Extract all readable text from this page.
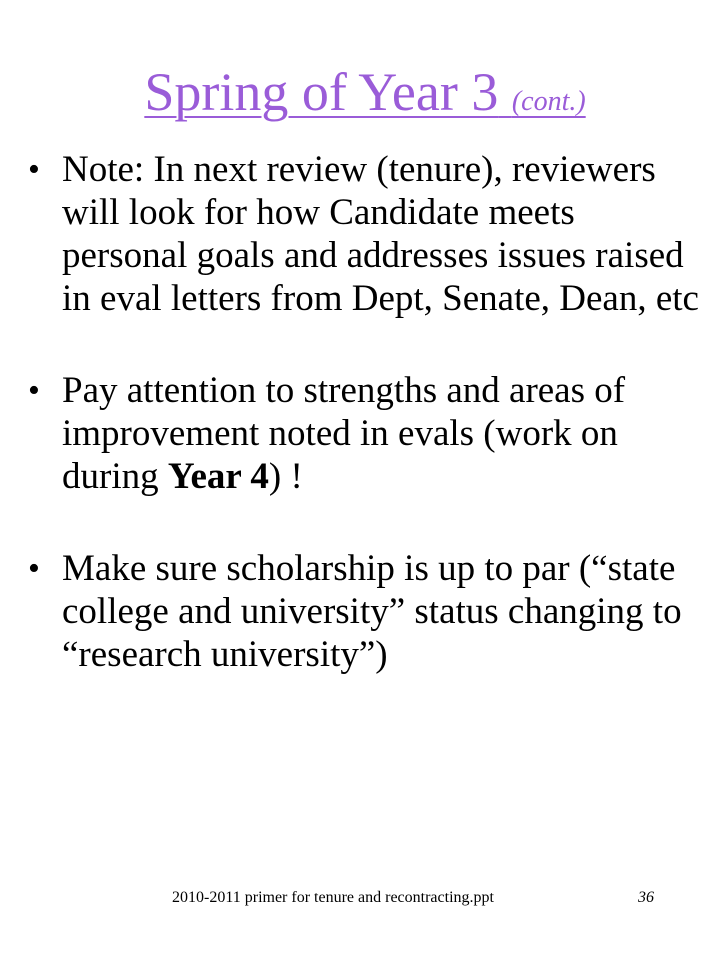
Spring of Year 3 (cont.)
• Note: In next review (tenure), reviewers will look for how Candidate meets personal goals and addresses issues raised in eval letters from Dept, Senate, Dean, etc
• Pay attention to strengths and areas of improvement noted in evals (work on during Year 4) !
• Make sure scholarship is up to par (“state college and university” status changing to “research university”)
2010-2011 primer for tenure and recontracting.ppt	36
